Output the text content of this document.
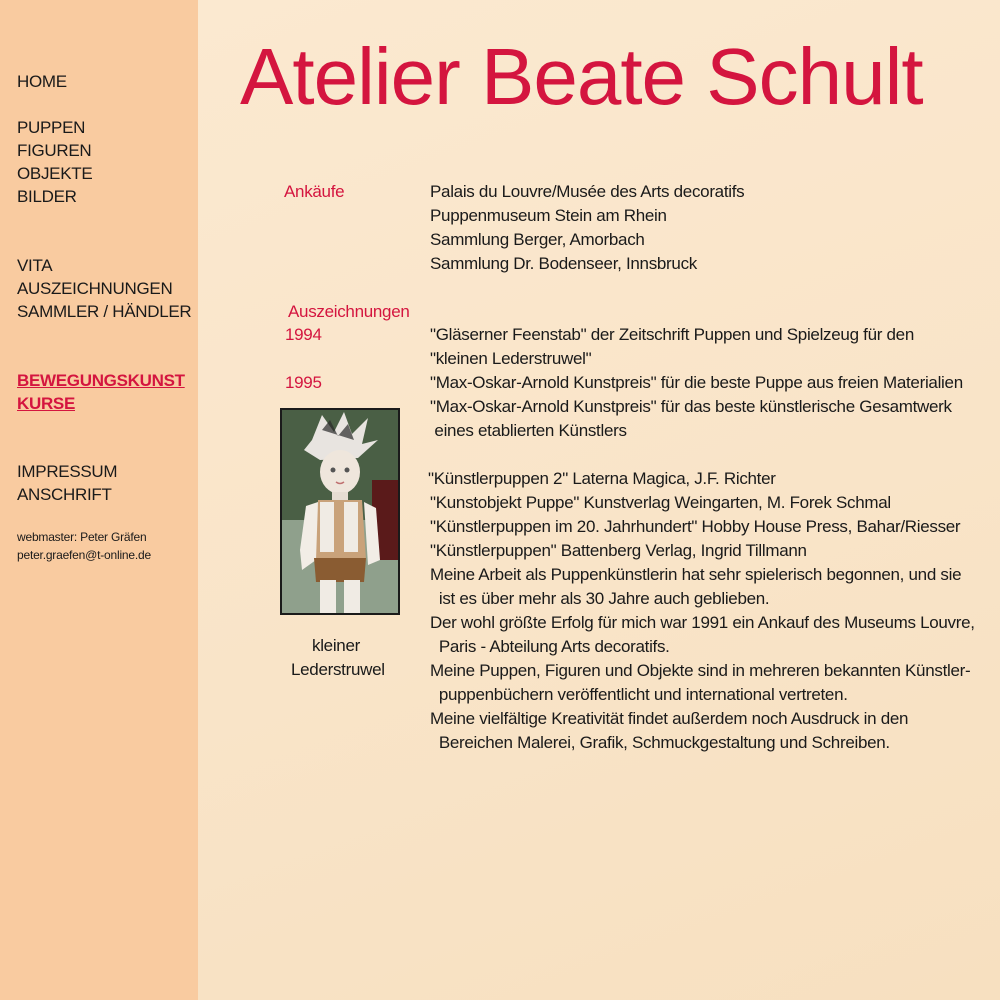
HOME
PUPPEN
FIGUREN
OBJEKTE
BILDER
VITA
AUSZEICHNUNGEN
SAMMLER / HÄNDLER
BEWEGUNGSKUNST
KURSE
IMPRESSUM
ANSCHRIFT
webmaster: Peter Gräfen
peter.graefen@t-online.de
Atelier Beate Schult
Ankäufe	Palais du Louvre/Musée des Arts decoratifs
Puppenmuseum Stein am Rhein
Sammlung Berger, Amorbach
Sammlung Dr. Bodenseer, Innsbruck
Auszeichnungen
1994	"Gläserner Feenstab" der Zeitschrift Puppen und Spielzeug für den
"kleinen Lederstruwel"
1995	"Max-Oskar-Arnold Kunstpreis" für die beste Puppe aus freien Materialien
"Max-Oskar-Arnold Kunstpreis" für das beste künstlerische Gesamtwerk
eines etablierten Künstlers
kleiner
Lederstruwel
"Künstlerpuppen 2" Laterna Magica, J.F. Richter
"Kunstobjekt Puppe" Kunstverlag Weingarten, M. Forek Schmal
"Künstlerpuppen im 20. Jahrhundert" Hobby House Press, Bahar/Riesser
"Künstlerpuppen" Battenberg Verlag, Ingrid Tillmann
Meine Arbeit als Puppenkünstlerin hat sehr spielerisch begonnen, und sie
ist es über mehr als 30 Jahre auch geblieben.
Der wohl größte Erfolg für mich war 1991 ein Ankauf des Museums Louvre,
Paris - Abteilung Arts decoratifs.
Meine Puppen, Figuren und Objekte sind in mehreren bekannten Künstler-
puppenbüchern veröffentlicht und international vertreten.
Meine vielfältige Kreativität findet außerdem noch Ausdruck in den
Bereichen Malerei, Grafik, Schmuckgestaltung und Schreiben.
